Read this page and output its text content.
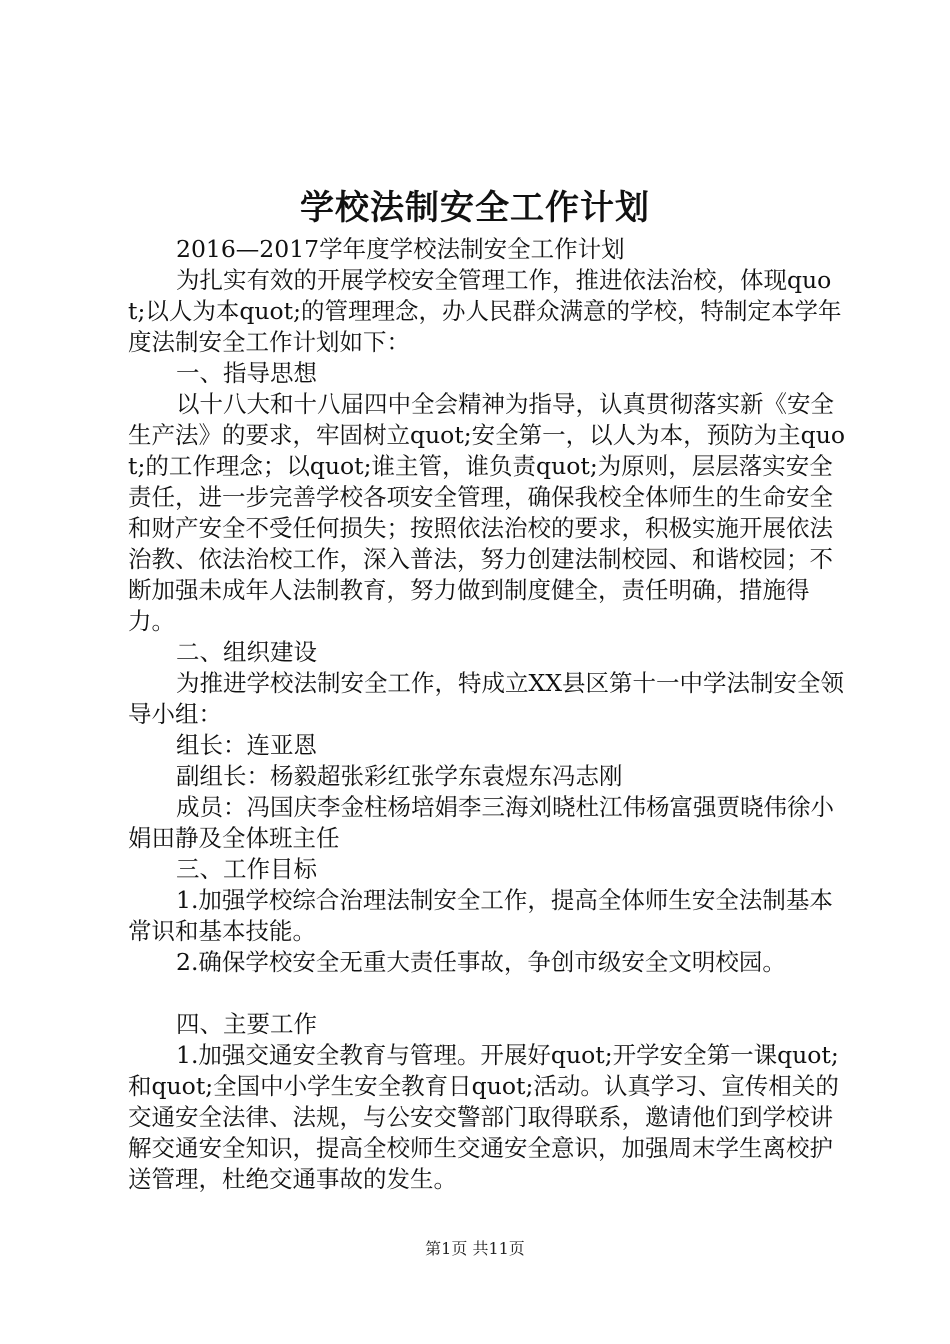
学校法制安全工作计划

2016—2017学年度学校法制安全工作计划

为扎实有效的开展学校安全管理工作，推进依法治校，体现quot;以人为本quot;的管理理念，办人民群众满意的学校，特制定本学年度法制安全工作计划如下：

一、指导思想

以十八大和十八届四中全会精神为指导，认真贯彻落实新《安全生产法》的要求，牢固树立quot;安全第一，以人为本，预防为主quot;的工作理念；以quot;谁主管，谁负责quot;为原则，层层落实安全责任，进一步完善学校各项安全管理，确保我校全体师生的生命安全和财产安全不受任何损失；按照依法治校的要求，积极实施开展依法治教、依法治校工作，深入普法，努力创建法制校园、和谐校园；不断加强未成年人法制教育，努力做到制度健全，责任明确，措施得力。

二、组织建设

为推进学校法制安全工作，特成立XX县区第十一中学法制安全领导小组：

组长：连亚恩

副组长：杨毅超张彩红张学东袁煜东冯志刚

成员：冯国庆李金柱杨培娟李三海刘晓杜江伟杨富强贾晓伟徐小娟田静及全体班主任

三、工作目标

1.加强学校综合治理法制安全工作，提高全体师生安全法制基本常识和基本技能。

2.确保学校安全无重大责任事故，争创市级安全文明校园。

四、主要工作

1.加强交通安全教育与管理。开展好quot;开学安全第一课quot;和quot;全国中小学生安全教育日quot;活动。认真学习、宣传相关的交通安全法律、法规，与公安交警部门取得联系，邀请他们到学校讲解交通安全知识，提高全校师生交通安全意识，加强周末学生离校护送管理，杜绝交通事故的发生。

第1页 共11页
